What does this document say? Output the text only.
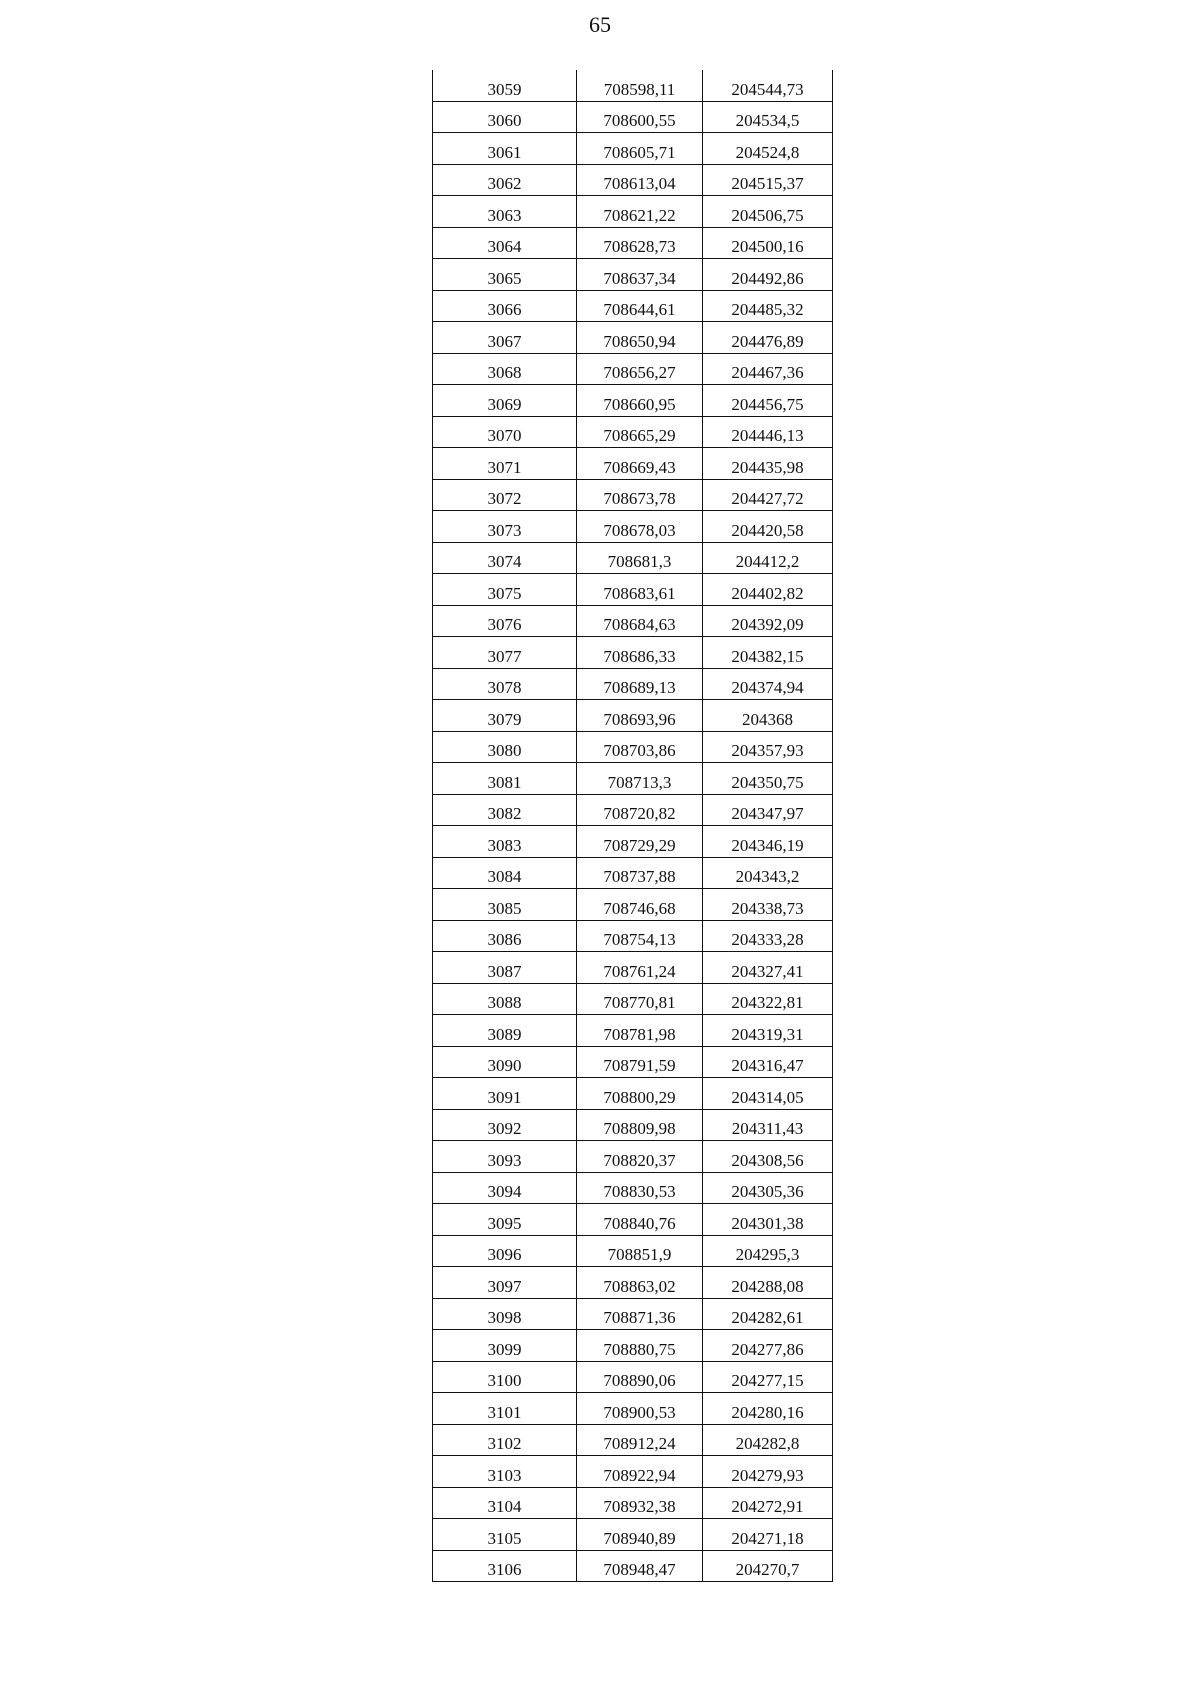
65
3059	708598,11	204544,73
3060	708600,55	204534,5
3061	708605,71	204524,8
3062	708613,04	204515,37
3063	708621,22	204506,75
3064	708628,73	204500,16
3065	708637,34	204492,86
3066	708644,61	204485,32
3067	708650,94	204476,89
3068	708656,27	204467,36
3069	708660,95	204456,75
3070	708665,29	204446,13
3071	708669,43	204435,98
3072	708673,78	204427,72
3073	708678,03	204420,58
3074	708681,3	204412,2
3075	708683,61	204402,82
3076	708684,63	204392,09
3077	708686,33	204382,15
3078	708689,13	204374,94
3079	708693,96	204368
3080	708703,86	204357,93
3081	708713,3	204350,75
3082	708720,82	204347,97
3083	708729,29	204346,19
3084	708737,88	204343,2
3085	708746,68	204338,73
3086	708754,13	204333,28
3087	708761,24	204327,41
3088	708770,81	204322,81
3089	708781,98	204319,31
3090	708791,59	204316,47
3091	708800,29	204314,05
3092	708809,98	204311,43
3093	708820,37	204308,56
3094	708830,53	204305,36
3095	708840,76	204301,38
3096	708851,9	204295,3
3097	708863,02	204288,08
3098	708871,36	204282,61
3099	708880,75	204277,86
3100	708890,06	204277,15
3101	708900,53	204280,16
3102	708912,24	204282,8
3103	708922,94	204279,93
3104	708932,38	204272,91
3105	708940,89	204271,18
3106	708948,47	204270,7
